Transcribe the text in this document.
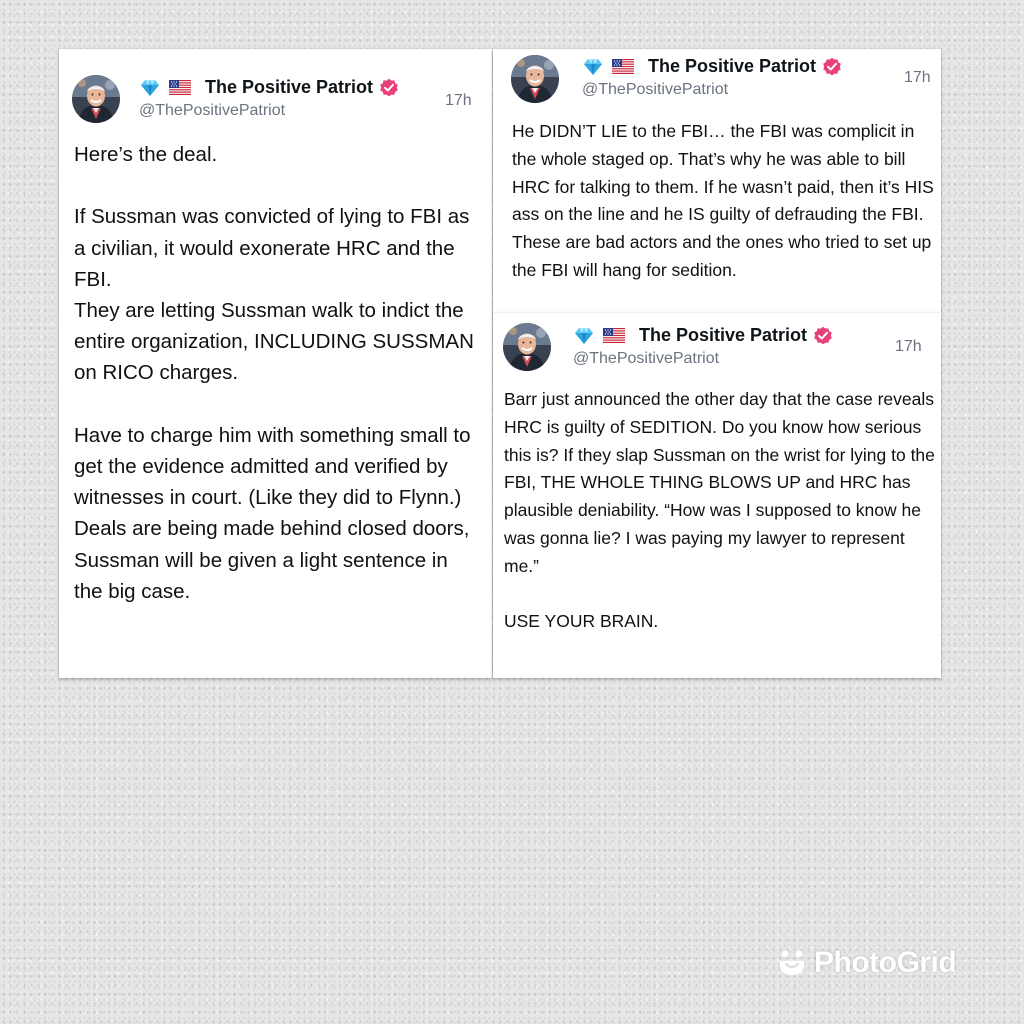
The Positive Patriot
@ThePositivePatriot
17h
Here’s the deal.

If Sussman was convicted of lying to FBI as a civilian, it would exonerate HRC and the FBI.
They are letting Sussman walk to indict the entire organization, INCLUDING SUSSMAN on RICO charges.

Have to charge him with something small to get the evidence admitted and verified by witnesses in court. (Like they did to Flynn.) Deals are being made behind closed doors, Sussman will be given a light sentence in the big case.
The Positive Patriot
@ThePositivePatriot
17h
He DIDN’T LIE to the FBI… the FBI was complicit in the whole staged op. That’s why he was able to bill HRC for talking to them. If he wasn’t paid, then it’s HIS ass on the line and he IS guilty of defrauding the FBI. These are bad actors and the ones who tried to set up the FBI will hang for sedition.
The Positive Patriot
@ThePositivePatriot
17h
Barr just announced the other day that the case reveals HRC is guilty of SEDITION. Do you know how serious this is? If they slap Sussman on the wrist for lying to the FBI, THE WHOLE THING BLOWS UP and HRC has plausible deniability. “How was I supposed to know he was gonna lie? I was paying my lawyer to represent me.”

USE YOUR BRAIN.
PhotoGrid
